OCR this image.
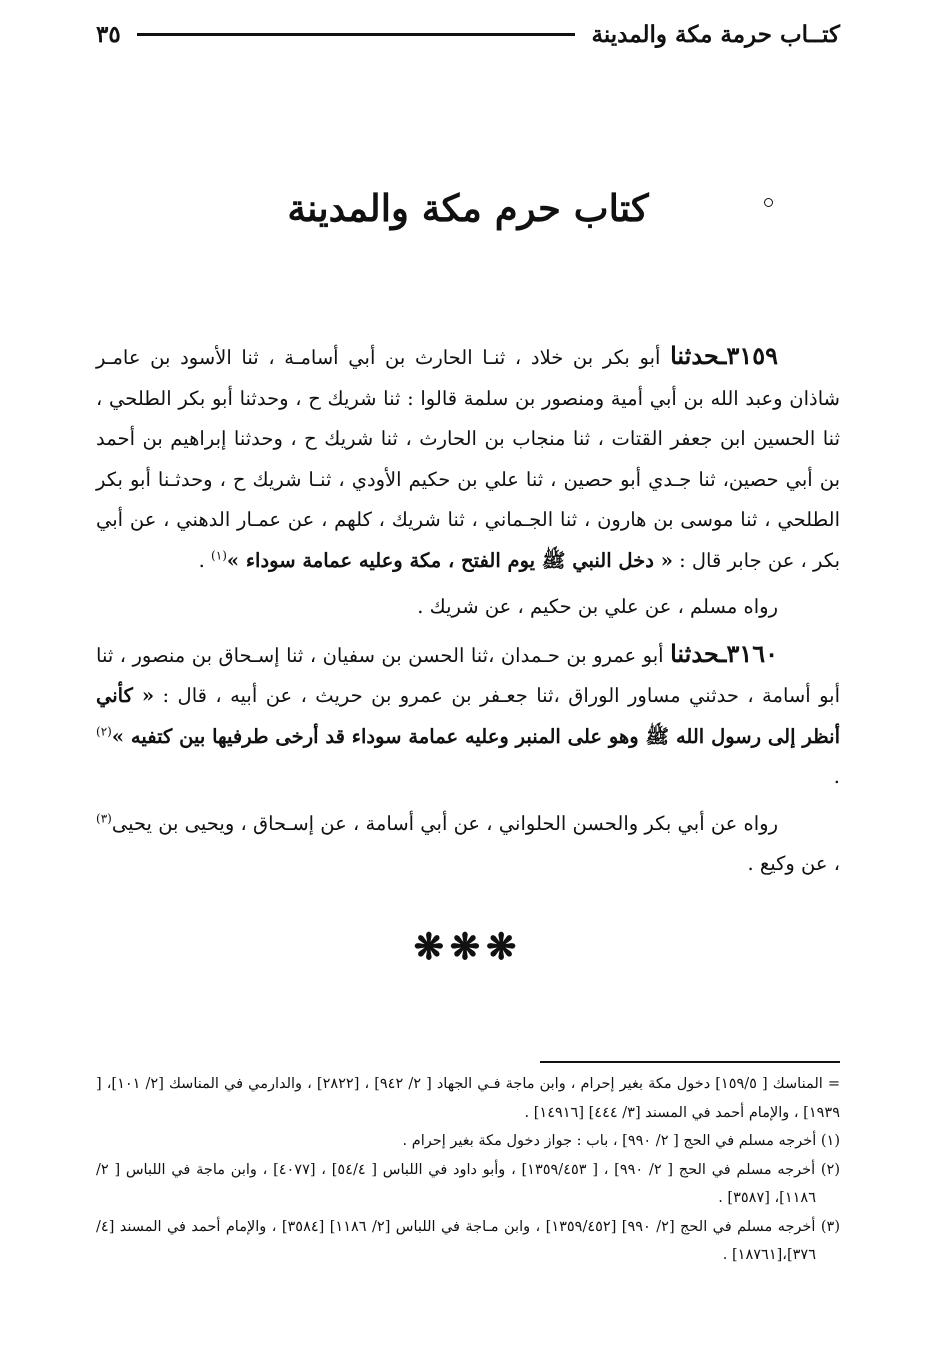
كتــاب حرمة مكة والمدينة
٣٥
كتاب حرم مكة والمدينة

٣١٥٩ـحدثنا أبو بكر بن خلاد ، ثنـا الحارث بن أبي أسامـة ، ثنا الأسود بن عامـر شاذان وعبد الله بن أبي أمية ومنصور بن سلمة قالوا : ثنا شريك ح ، وحدثنا أبو بكر الطلحي ، ثنا الحسين ابن جعفر القتات ، ثنا منجاب بن الحارث ، ثنا شريك ح ، وحدثنا إبراهيم بن أحمد بن أبي حصين، ثنا جـدي أبو حصين ، ثنا علي بن حكيم الأودي ، ثنـا شريك ح ، وحدثـنا أبو بكر الطلحي ، ثنا موسى بن هارون ، ثنا الجـماني ، ثنا شريك ، كلهم ، عن عمـار الدهني ، عن أبي بكر ، عن جابر قال : « دخل النبي ﷺ يوم الفتح ، مكة وعليه عمامة سوداء »$^{(١)}$ .

رواه مسلم ، عن علي بن حكيم ، عن شريك .

٣١٦٠ـحدثنا أبو عمرو بن حـمدان ،ثنا الحسن بن سفيان ، ثنا إسـحاق بن منصور ، ثنا أبو أسامة ، حدثني مساور الوراق ،ثنا جعـفر بن عمرو بن حريث ، عن أبيه ، قال : « كأني أنظر إلى رسول الله ﷺ وهو على المنبر وعليه عمامة سوداء قد أرخى طرفيها بين كتفيه »$^{(٢)}$ .

رواه عن أبي بكر والحسن الحلواني ، عن أبي أسامة ، عن إسـحاق ، ويحيى بن يحيى$^{(٣)}$ ، عن وكيع .

❋❋❋

= المناسك [ ١٥٩/٥] دخول مكة بغير إحرام ، وابن ماجة فـي الجهاد [ ٢/ ٩٤٢] ، [٢٨٢٢] ، والدارمي في المناسك [٢/ ١٠١]، [ ١٩٣٩] ، والإمام أحمد في المسند [٣/ ٤٤٤] [١٤٩١٦] .

(١) أخرجه مسلم في الحج [ ٢/ ٩٩٠] ، باب : جواز دخول مكة بغير إحرام .

(٢) أخرجه مسلم في الحج [ ٢/ ٩٩٠] ، [ ١٣٥٩/٤٥٣] ، وأبو داود في اللباس [ ٥٤/٤] ، [٤٠٧٧] ، وابن ماجة في اللباس [ ٢/ ١١٨٦]، [٣٥٨٧] .

(٣) أخرجه مسلم في الحج [٢/ ٩٩٠] [١٣٥٩/٤٥٢] ، وابن مـاجة في اللباس [٢/ ١١٨٦] [٣٥٨٤] ، والإمام أحمد في المسند [٤/ ٣٧٦]،[١٨٧٦١] .
